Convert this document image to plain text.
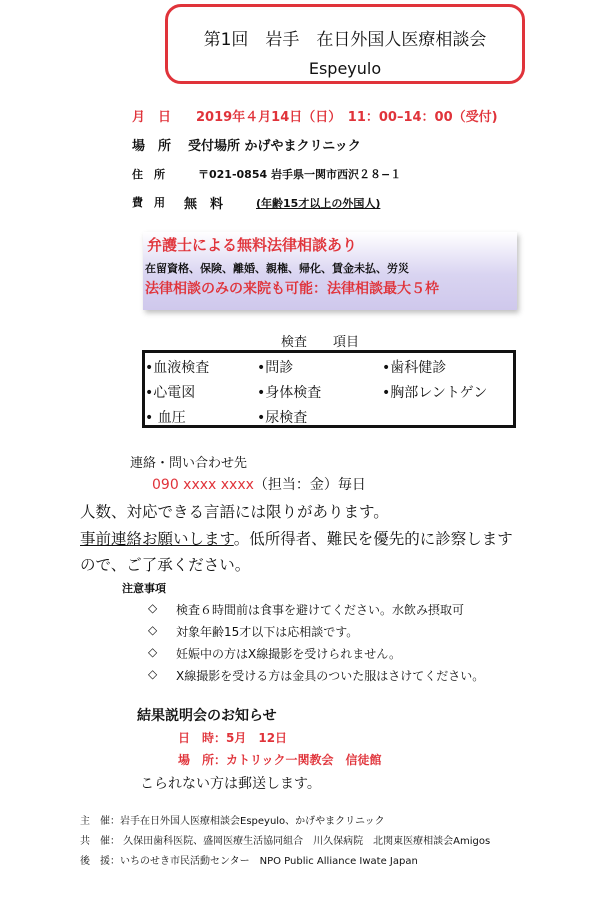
第1回　岩手　在日外国人医療相談会
Espeyulo
月　日 2019年４月14日（日）　11：00–14：00（受付)
場　所 受付場所 かげやまクリニック
住　所	〒021-0854 岩手県一関市西沢２８−１
費　用 無　料	(年齢15才以上の外国人)
弁護士による無料法律相談あり
在留資格、保険、離婚、親権、帰化、賃金未払、労災
法律相談のみの来院も可能：法律相談最大５枠
検査　　項目
•血液検査	•問診	•歯科健診
•心電図	•身体検査	•胸部レントゲン
• 血圧	•尿検査
連絡・問い合わせ先
090 xxxx xxxx（担当：金）毎日
人数、対応できる言語には限りがあります。
事前連絡お願いします。低所得者、難民を優先的に診察します
ので、ご了承ください。
注意事項
◇ 検査６時間前は食事を避けてください。水飲み摂取可
◇ 対象年齢15才以下は応相談です。
◇ 妊娠中の方はX線撮影を受けられません。
◇ X線撮影を受ける方は金具のついた服はさけてください。
結果説明会のお知らせ
日　時：5月　12日
場　所：カトリック一関教会　信徒館
こられない方は郵送します。
主　催：岩手在日外国人医療相談会Espeyulo、かげやまクリニック
共　催： 久保田歯科医院、盛岡医療生活協同組合　川久保病院　北関東医療相談会Amigos
後　援：いちのせき市民活動センター　NPO Public Alliance Iwate Japan
